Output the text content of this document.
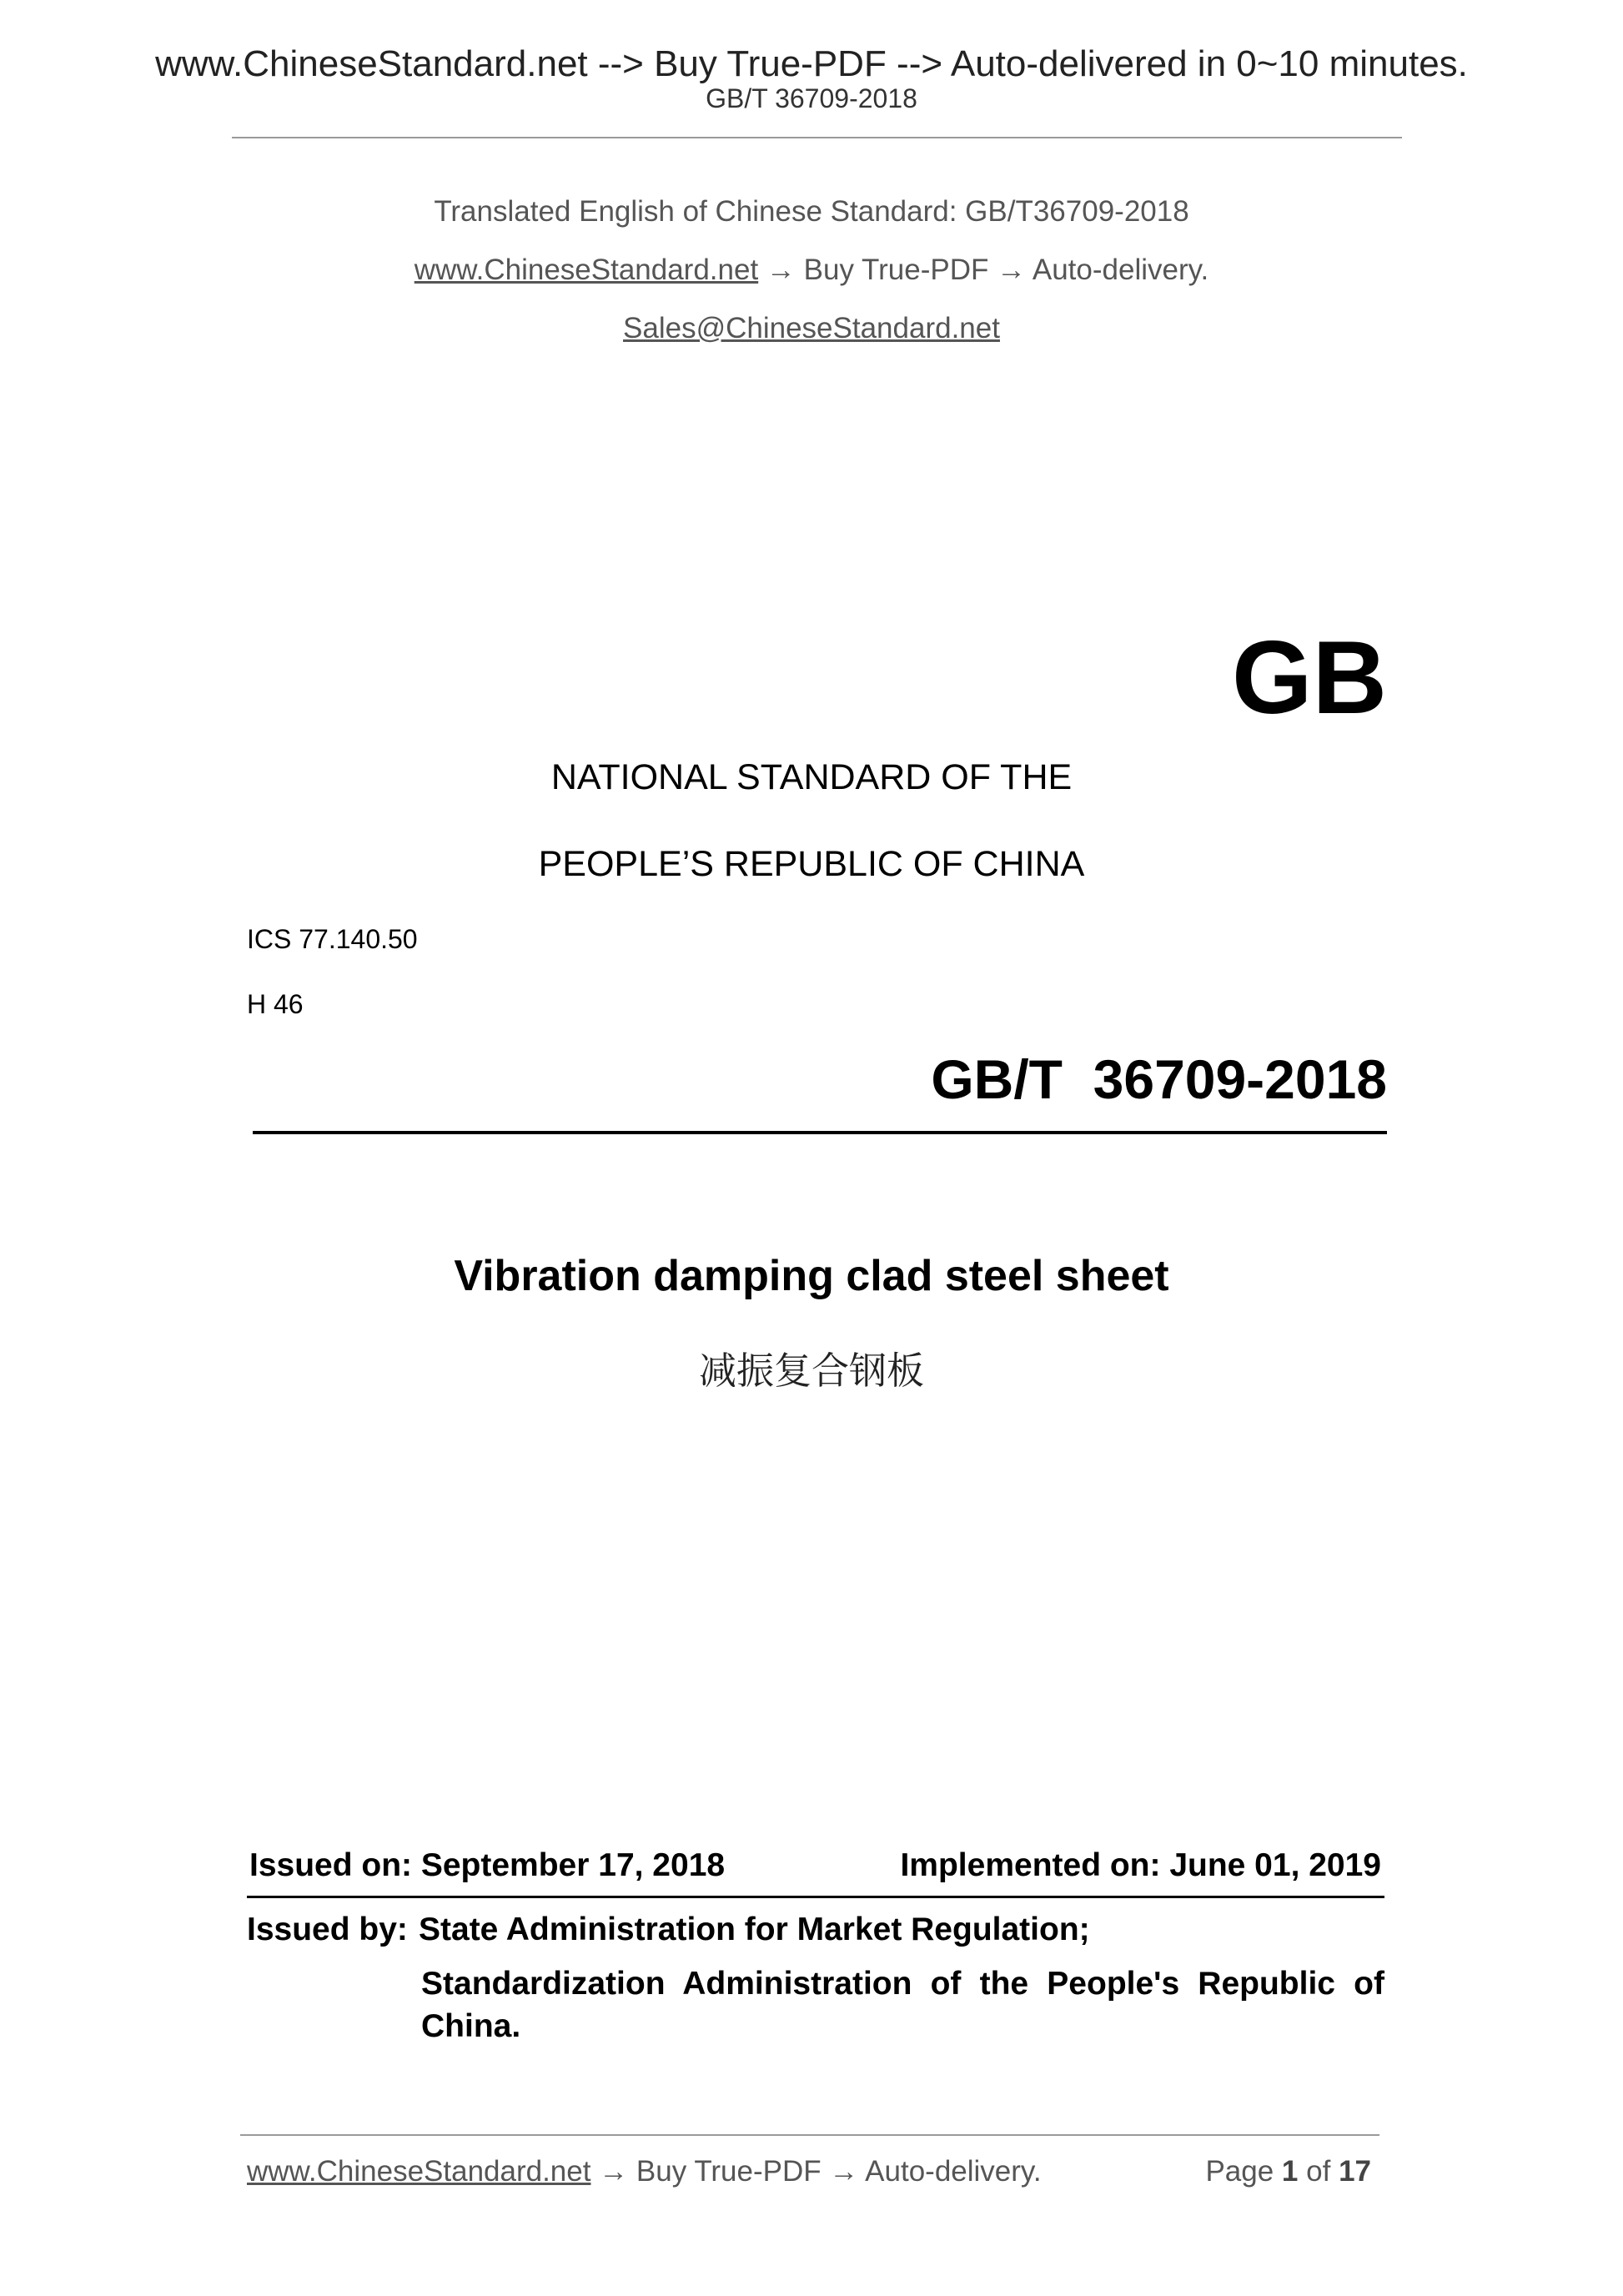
www.ChineseStandard.net --> Buy True-PDF --> Auto-delivered in 0~10 minutes.
GB/T 36709-2018
Translated English of Chinese Standard: GB/T36709-2018
www.ChineseStandard.net → Buy True-PDF → Auto-delivery.
Sales@ChineseStandard.net
GB
NATIONAL STANDARD OF THE
PEOPLE’S REPUBLIC OF CHINA
ICS 77.140.50
H 46
GB/T  36709-2018
Vibration damping clad steel sheet
减振复合钢板
Issued on: September 17, 2018	Implemented on: June 01, 2019
Issued by: State Administration for Market Regulation;
Standardization Administration of the People's Republic of
China.
www.ChineseStandard.net → Buy True-PDF → Auto-delivery.	Page 1 of 17
